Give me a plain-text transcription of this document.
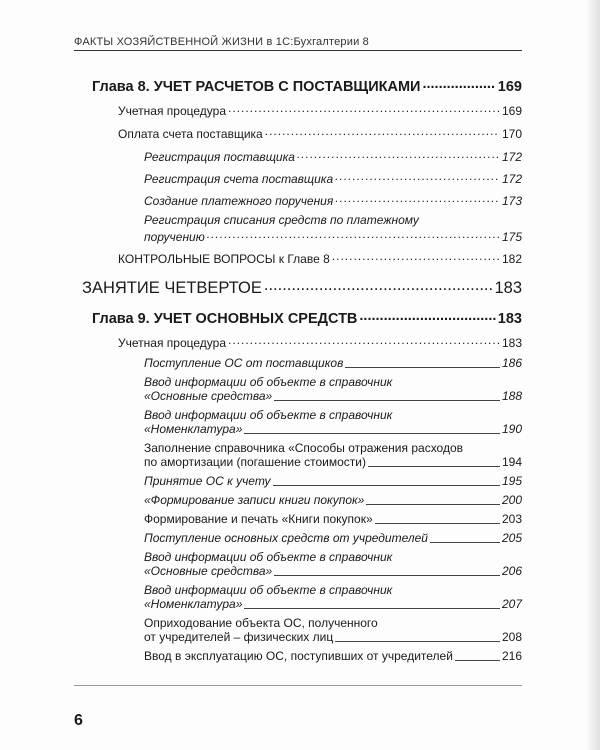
ФАКТЫ ХОЗЯЙСТВЕННОЙ ЖИЗНИ в 1С:Бухгалтерии 8
Глава 8. УЧЕТ РАСЧЕТОВ С ПОСТАВЩИКАМИ .....	169
Учетная процедура .....	169
Оплата счета поставщика .....	170
Регистрация поставщика .....	172
Регистрация счета поставщика .....	172
Создание платежного поручения .....	173
Регистрация списания средств по платежному
поручению .....	175
КОНТРОЛЬНЫЕ ВОПРОСЫ к Главе 8 .....	182
ЗАНЯТИЕ ЧЕТВЕРТОЕ .....	183
Глава 9. УЧЕТ ОСНОВНЫХ СРЕДСТВ .....	183
Учетная процедура .....	183
Поступление ОС от поставщиков	186
Ввод информации об объекте в справочник
«Основные средства»	188
Ввод информации об объекте в справочник
«Номенклатура»	190
Заполнение справочника «Способы отражения расходов
по амортизации (погашение стоимости)	194
Принятие ОС к учету	195
«Формирование записи книги покупок»	200
Формирование и печать «Книги покупок»	203
Поступление основных средств от учредителей	205
Ввод информации об объекте в справочник
«Основные средства»	206
Ввод информации об объекте в справочник
«Номенклатура»	207
Оприходование объекта ОС, полученного
от учредителей – физических лиц	208
Ввод в эксплуатацию ОС, поступивших от учредителей	216
6
